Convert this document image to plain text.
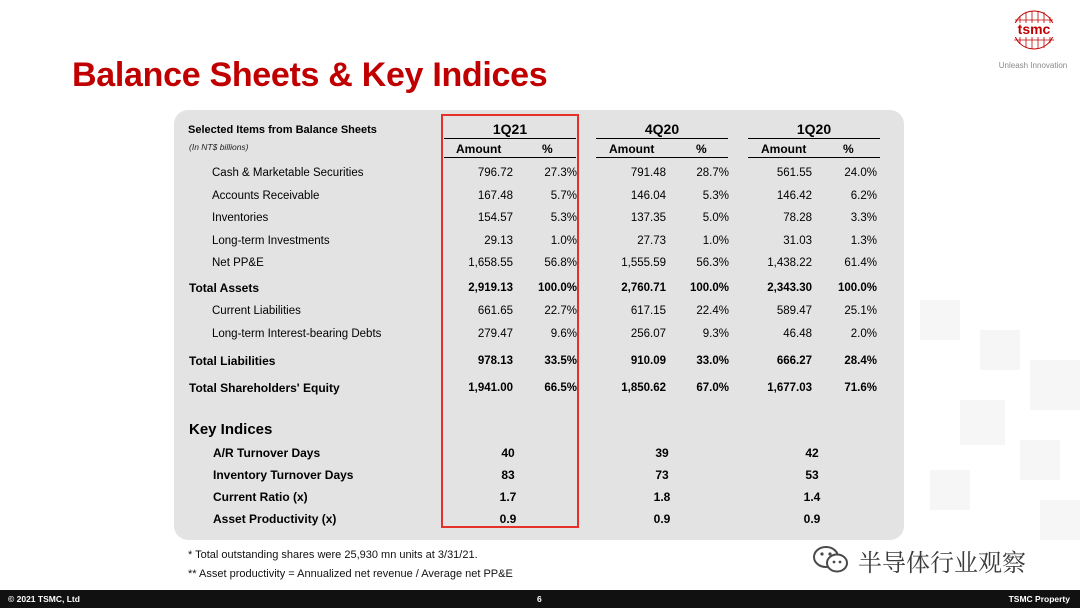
Balance Sheets & Key Indices
tsmc
Unleash Innovation
Selected Items from Balance Sheets
(In NT$ billions)
1Q21	4Q20	1Q20
Amount	%	Amount	%	Amount	%
Cash & Marketable Securities	796.72	27.3%	791.48	28.7%	561.55	24.0%
Accounts Receivable	167.48	5.7%	146.04	5.3%	146.42	6.2%
Inventories	154.57	5.3%	137.35	5.0%	78.28	3.3%
Long-term Investments	29.13	1.0%	27.73	1.0%	31.03	1.3%
Net PP&E	1,658.55	56.8%	1,555.59	56.3%	1,438.22	61.4%
Total Assets	2,919.13	100.0%	2,760.71	100.0%	2,343.30	100.0%
Current Liabilities	661.65	22.7%	617.15	22.4%	589.47	25.1%
Long-term Interest-bearing Debts	279.47	9.6%	256.07	9.3%	46.48	2.0%
Total Liabilities	978.13	33.5%	910.09	33.0%	666.27	28.4%
Total Shareholders' Equity	1,941.00	66.5%	1,850.62	67.0%	1,677.03	71.6%
Key Indices
A/R Turnover Days	40	39	42
Inventory Turnover Days	83	73	53
Current Ratio (x)	1.7	1.8	1.4
Asset Productivity (x)	0.9	0.9	0.9
* Total outstanding shares were 25,930 mn units at 3/31/21.
** Asset productivity = Annualized net revenue / Average net PP&E	半导体行业观察
© 2021 TSMC, Ltd	6	TSMC Property
